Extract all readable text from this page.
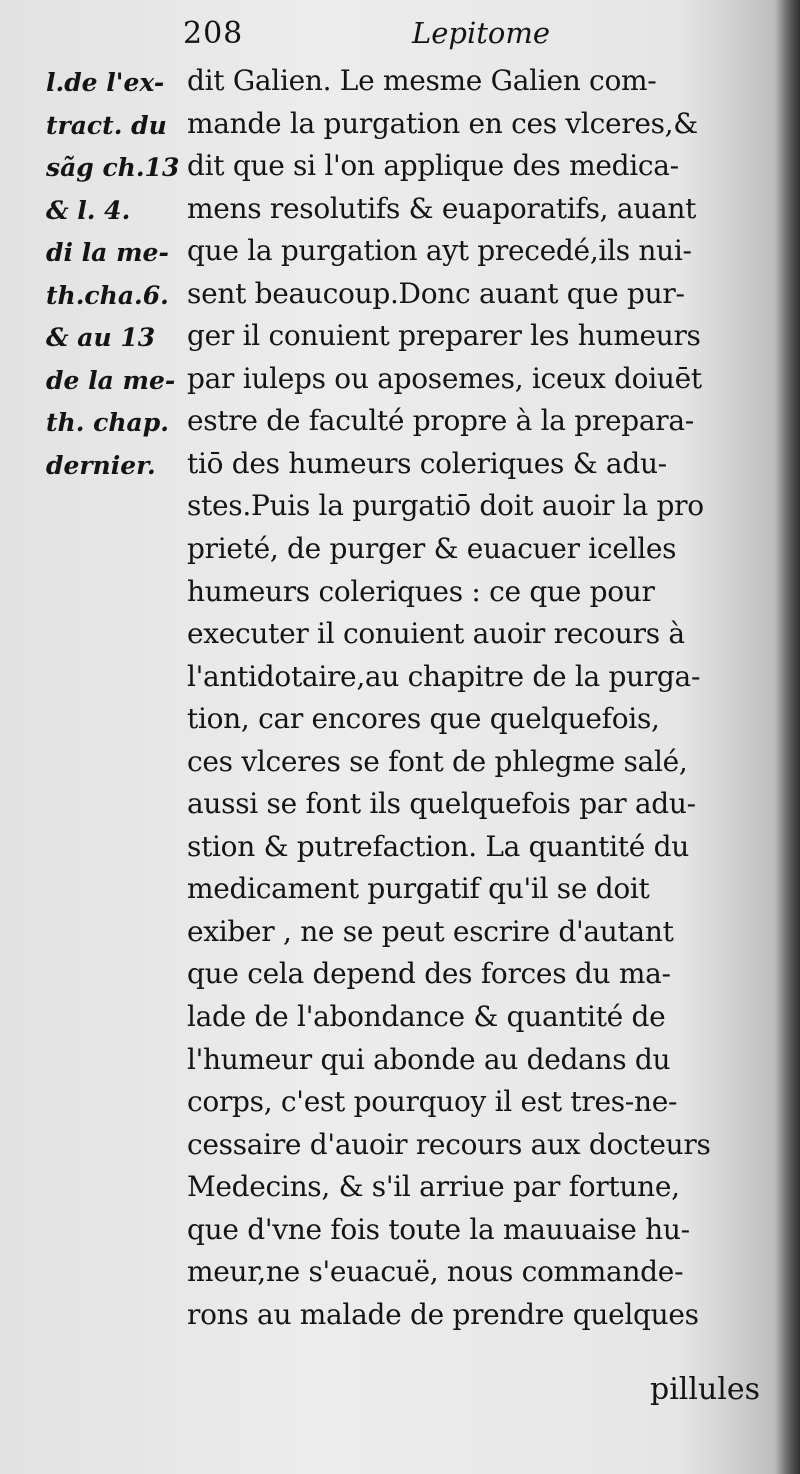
208	Lepitome
l.de l'ex-
tract. du
sãg ch.13
& l. 4.
di la me-
th.cha.6.
& au 13
de la me-
th. chap.
dernier.
dit Galien. Le mesme Galien com-
mande la purgation en ces vlceres,&
dit que si l'on applique des medica-
mens resolutifs & euaporatifs, auant
que la purgation ayt precedé,ils nui-
sent beaucoup.Donc auant que pur-
ger il conuient preparer les humeurs
par iuleps ou aposemes, iceux doiuēt
estre de faculté propre à la prepara-
tiō des humeurs coleriques & adu-
stes.Puis la purgatiō doit auoir la pro
prieté, de purger & euacuer icelles
humeurs coleriques : ce que pour
executer il conuient auoir recours à
l'antidotaire,au chapitre de la purga-
tion, car encores que quelquefois,
ces vlceres se font de phlegme salé,
aussi se font ils quelquefois par adu-
stion & putrefaction. La quantité du
medicament purgatif qu'il se doit
exiber , ne se peut escrire d'autant
que cela depend des forces du ma-
lade de l'abondance & quantité de
l'humeur qui abonde au dedans du
corps, c'est pourquoy il est tres-ne-
cessaire d'auoir recours aux docteurs
Medecins, & s'il arriue par fortune,
que d'vne fois toute la mauuaise hu-
meur,ne s'euacuë, nous commande-
rons au malade de prendre quelques
pillules
